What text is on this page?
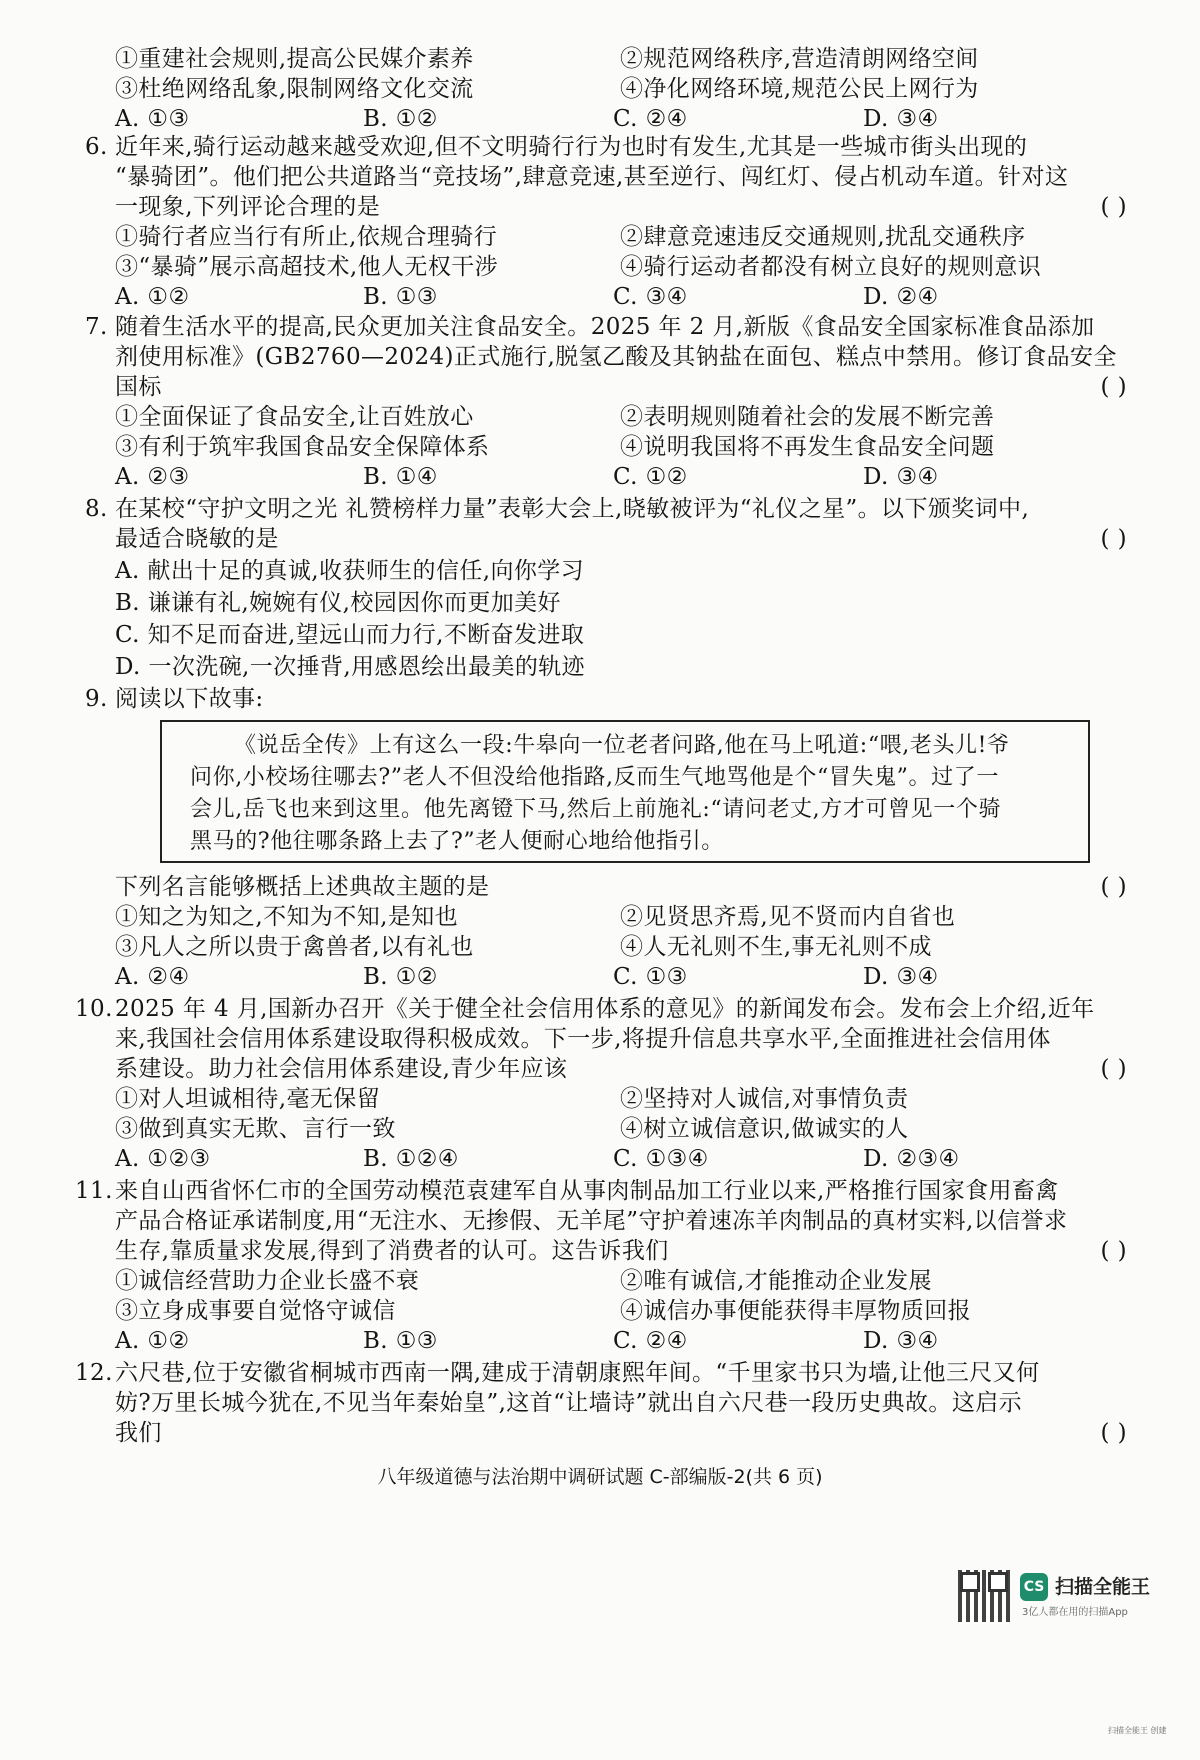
①重建社会规则,提高公民媒介素养	②规范网络秩序,营造清朗网络空间
③杜绝网络乱象,限制网络文化交流	④净化网络环境,规范公民上网行为
A. ①③	B. ①②	C. ②④	D. ③④
6. 近年来,骑行运动越来越受欢迎,但不文明骑行行为也时有发生,尤其是一些城市街头出现的
“暴骑团”。他们把公共道路当“竞技场”,肆意竞速,甚至逆行、闯红灯、侵占机动车道。针对这
一现象,下列评论合理的是	( )
①骑行者应当行有所止,依规合理骑行	②肆意竞速违反交通规则,扰乱交通秩序
③“暴骑”展示高超技术,他人无权干涉	④骑行运动者都没有树立良好的规则意识
A. ①②	B. ①③	C. ③④	D. ②④
7. 随着生活水平的提高,民众更加关注食品安全。2025 年 2 月,新版《食品安全国家标准食品添加
剂使用标准》(GB2760—2024)正式施行,脱氢乙酸及其钠盐在面包、糕点中禁用。修订食品安全
国标	( )
①全面保证了食品安全,让百姓放心	②表明规则随着社会的发展不断完善
③有利于筑牢我国食品安全保障体系	④说明我国将不再发生食品安全问题
A. ②③	B. ①④	C. ①②	D. ③④
8. 在某校“守护文明之光 礼赞榜样力量”表彰大会上,晓敏被评为“礼仪之星”。以下颁奖词中,
最适合晓敏的是	( )
A. 献出十足的真诚,收获师生的信任,向你学习
B. 谦谦有礼,婉婉有仪,校园因你而更加美好
C. 知不足而奋进,望远山而力行,不断奋发进取
D. 一次洗碗,一次捶背,用感恩绘出最美的轨迹
9. 阅读以下故事:
《说岳全传》上有这么一段:牛皋向一位老者问路,他在马上吼道:“喂,老头儿!爷
问你,小校场往哪去?”老人不但没给他指路,反而生气地骂他是个“冒失鬼”。过了一
会儿,岳飞也来到这里。他先离镫下马,然后上前施礼:“请问老丈,方才可曾见一个骑
黑马的?他往哪条路上去了?”老人便耐心地给他指引。
下列名言能够概括上述典故主题的是	( )
①知之为知之,不知为不知,是知也	②见贤思齐焉,见不贤而内自省也
③凡人之所以贵于禽兽者,以有礼也	④人无礼则不生,事无礼则不成
A. ②④	B. ①②	C. ①③	D. ③④
10. 2025 年 4 月,国新办召开《关于健全社会信用体系的意见》的新闻发布会。发布会上介绍,近年
来,我国社会信用体系建设取得积极成效。下一步,将提升信息共享水平,全面推进社会信用体
系建设。助力社会信用体系建设,青少年应该	( )
①对人坦诚相待,毫无保留	②坚持对人诚信,对事情负责
③做到真实无欺、言行一致	④树立诚信意识,做诚实的人
A. ①②③	B. ①②④	C. ①③④	D. ②③④
11. 来自山西省怀仁市的全国劳动模范袁建军自从事肉制品加工行业以来,严格推行国家食用畜禽
产品合格证承诺制度,用“无注水、无掺假、无羊尾”守护着速冻羊肉制品的真材实料,以信誉求
生存,靠质量求发展,得到了消费者的认可。这告诉我们	( )
①诚信经营助力企业长盛不衰	②唯有诚信,才能推动企业发展
③立身成事要自觉恪守诚信	④诚信办事便能获得丰厚物质回报
A. ①②	B. ①③	C. ②④	D. ③④
12. 六尺巷,位于安徽省桐城市西南一隅,建成于清朝康熙年间。“千里家书只为墙,让他三尺又何
妨?万里长城今犹在,不见当年秦始皇”,这首“让墙诗”就出自六尺巷一段历史典故。这启示
我们	( )
八年级道德与法治期中调研试题 C-部编版-2(共 6 页)
CS 扫描全能王
3亿人都在用的扫描App
扫描全能王 创建
